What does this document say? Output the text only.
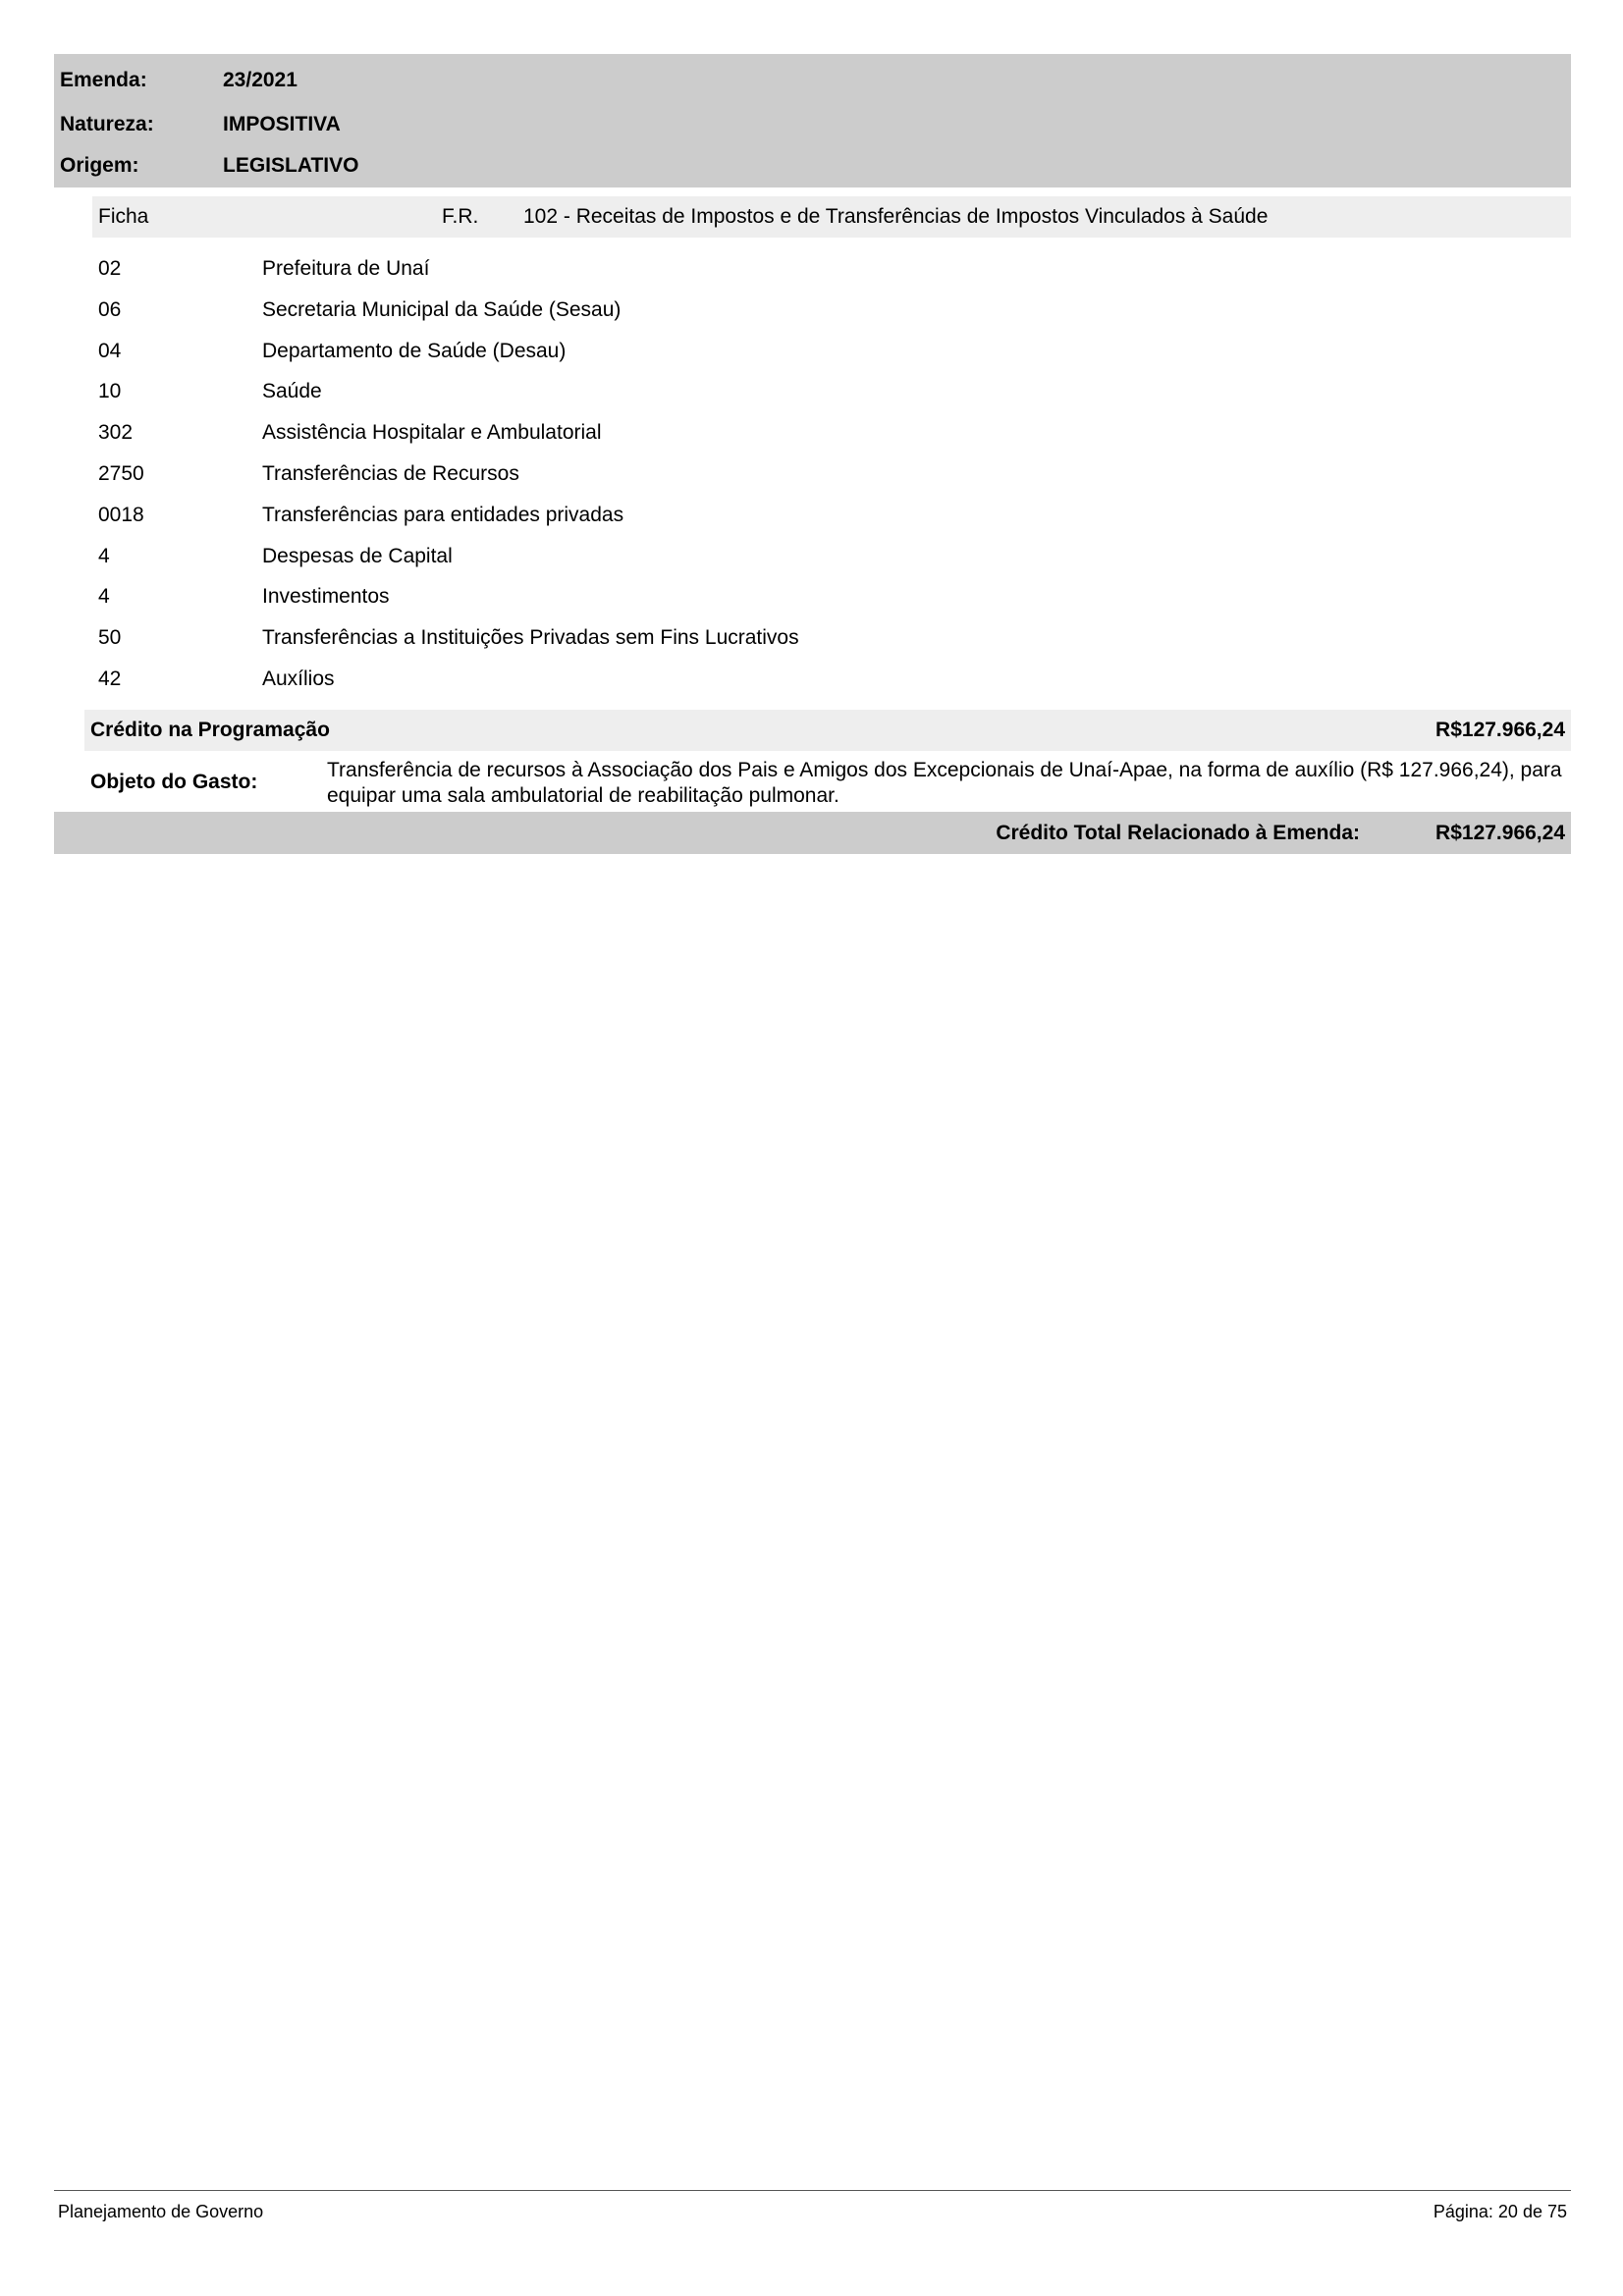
Emenda:	23/2021
Natureza:	IMPOSITIVA
Origem:	LEGISLATIVO
Ficha	F.R. 102 - Receitas de Impostos e de Transferências de Impostos Vinculados à Saúde
02	Prefeitura de Unaí
06	Secretaria Municipal da Saúde (Sesau)
04	Departamento de Saúde (Desau)
10	Saúde
302	Assistência Hospitalar e Ambulatorial
2750	Transferências de Recursos
0018	Transferências para entidades privadas
4	Despesas de Capital
4	Investimentos
50	Transferências a Instituições Privadas sem Fins Lucrativos
42	Auxílios
Crédito na Programação	R$127.966,24
Objeto do Gasto:
Transferência de recursos à Associação dos Pais e Amigos dos Excepcionais de Unaí-Apae, na forma de auxílio (R$ 127.966,24), para equipar uma sala ambulatorial de reabilitação pulmonar.
Crédito Total Relacionado à Emenda:	R$127.966,24
Planejamento de Governo	Página: 20 de 75
